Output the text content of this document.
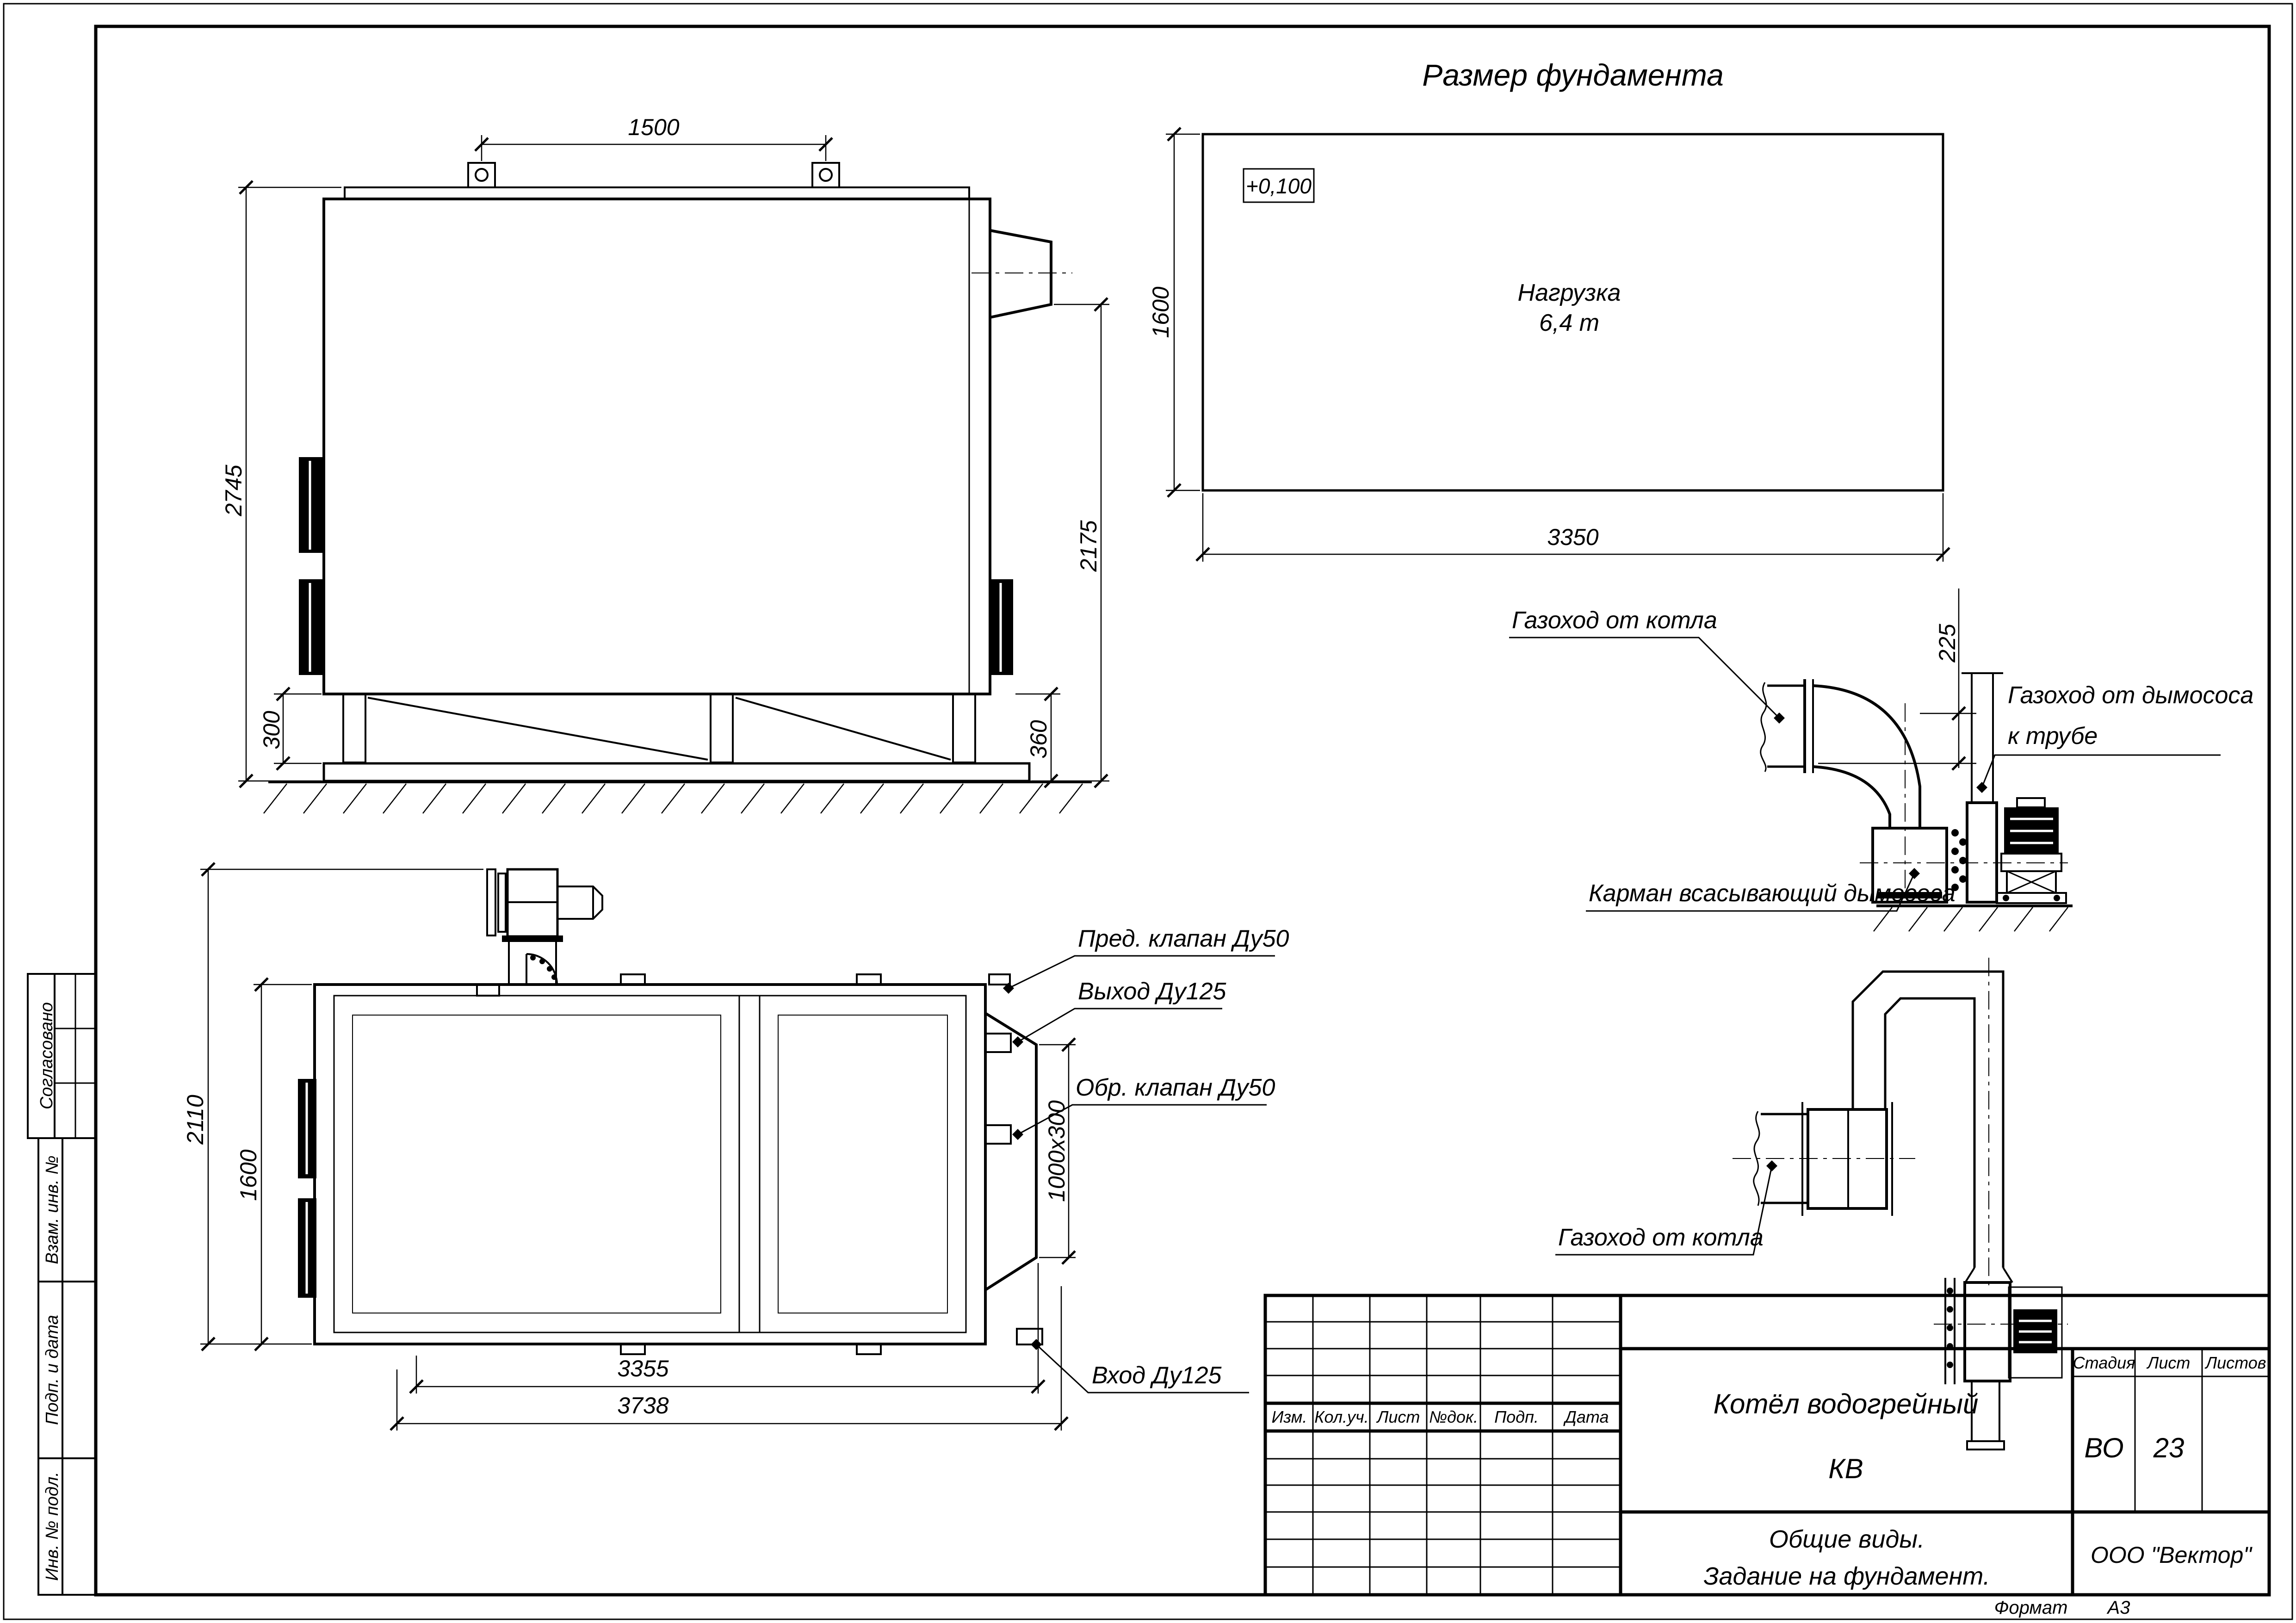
Согласовано
Взам. инв. №
Подп. и дата
Инв. № подл.
Размер фундамента
1500
2745
2175
300	360
+0,100
Нагрузка
6,4 т
1600
3350
225
Газоход от котла
Газоход от дымососа
к трубе
Карман всасывающий дымососа
Газоход от котла
2110
1600
3355
3738
1000x300
Пред. клапан Ду50
Выход Ду125
Обр. клапан Ду50
Вход Ду125
Изм. Кол.уч. Лист №док. Подп. Дата	Котёл водогрейный
КВ
Стадия Лист Листов
ВО 23
Общие виды.
Задание на фундамент.
ООО "Вектор"
Формат А3
